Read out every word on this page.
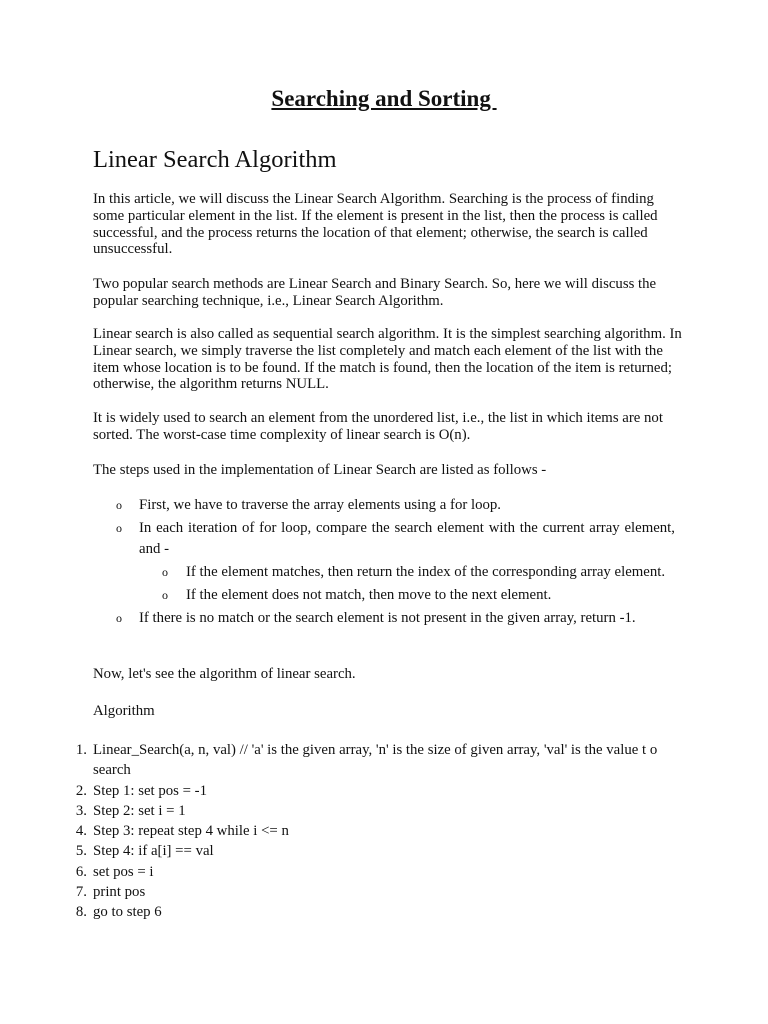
Searching and Sorting
Linear Search Algorithm

In this article, we will discuss the Linear Search Algorithm. Searching is the process of finding some particular element in the list. If the element is present in the list, then the process is called successful, and the process returns the location of that element; otherwise, the search is called unsuccessful.

Two popular search methods are Linear Search and Binary Search. So, here we will discuss the popular searching technique, i.e., Linear Search Algorithm.

Linear search is also called as sequential search algorithm. It is the simplest searching algorithm. In Linear search, we simply traverse the list completely and match each element of the list with the item whose location is to be found. If the match is found, then the location of the item is returned; otherwise, the algorithm returns NULL.

It is widely used to search an element from the unordered list, i.e., the list in which items are not sorted. The worst-case time complexity of linear search is O(n).

The steps used in the implementation of Linear Search are listed as follows -

o First, we have to traverse the array elements using a for loop.
o In each iteration of for loop, compare the search element with the current array element, and -
o If the element matches, then return the index of the corresponding array element.
o If the element does not match, then move to the next element.
o If there is no match or the search element is not present in the given array, return -1.

Now, let's see the algorithm of linear search.

Algorithm
1. Linear_Search(a, n, val) // 'a' is the given array, 'n' is the size of given array, 'val' is the value t o search
2. Step 1: set pos = -1
3. Step 2: set i = 1
4. Step 3: repeat step 4 while i <= n
5. Step 4: if a[i] == val
6. set pos = i
7. print pos
8. go to step 6
